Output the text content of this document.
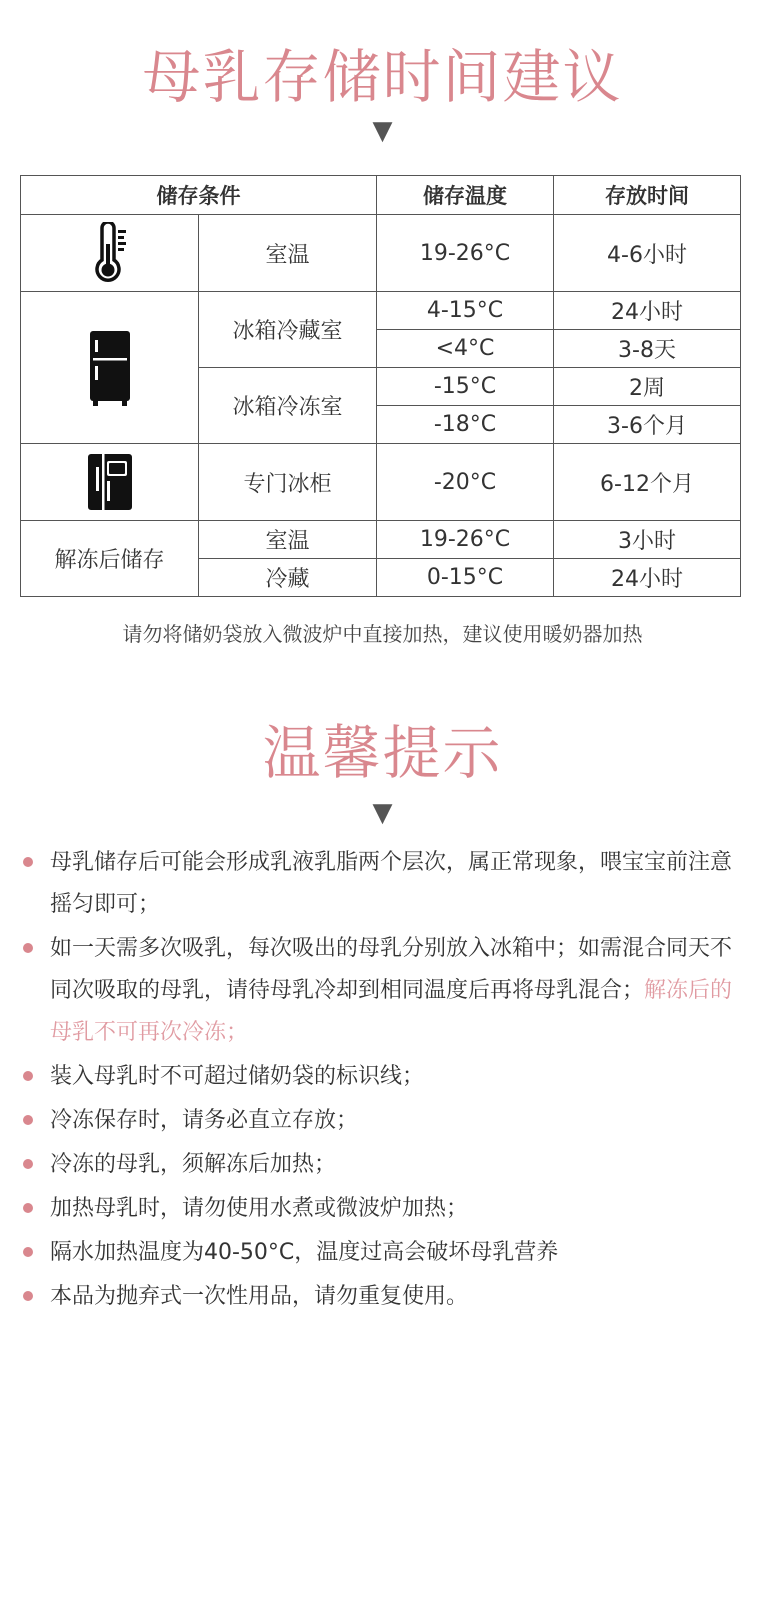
母乳存储时间建议
▼
储存条件		储存温度	存放时间

	室温	19-26°C	4-6小时

	冰箱冷藏室	4-15°C	24小时
		<4°C	3-8天
	冰箱冷冻室	-15°C	2周
		-18°C	3-6个月

	专门冰柜	-20°C	6-12个月
解冻后储存	室温	19-26°C	3小时
	冷藏	0-15°C	24小时
请勿将储奶袋放入微波炉中直接加热，建议使用暖奶器加热
温馨提示
▼
母乳储存后可能会形成乳液乳脂两个层次，属正常现象，喂宝宝前注意摇匀即可；
如一天需多次吸乳，每次吸出的母乳分别放入冰箱中；如需混合同天不同次吸取的母乳，请待母乳冷却到相同温度后再将母乳混合；解冻后的母乳不可再次冷冻；
装入母乳时不可超过储奶袋的标识线；
冷冻保存时，请务必直立存放；
冷冻的母乳，须解冻后加热；
加热母乳时，请勿使用水煮或微波炉加热；
隔水加热温度为40-50°C，温度过高会破坏母乳营养
本品为抛弃式一次性用品，请勿重复使用。
